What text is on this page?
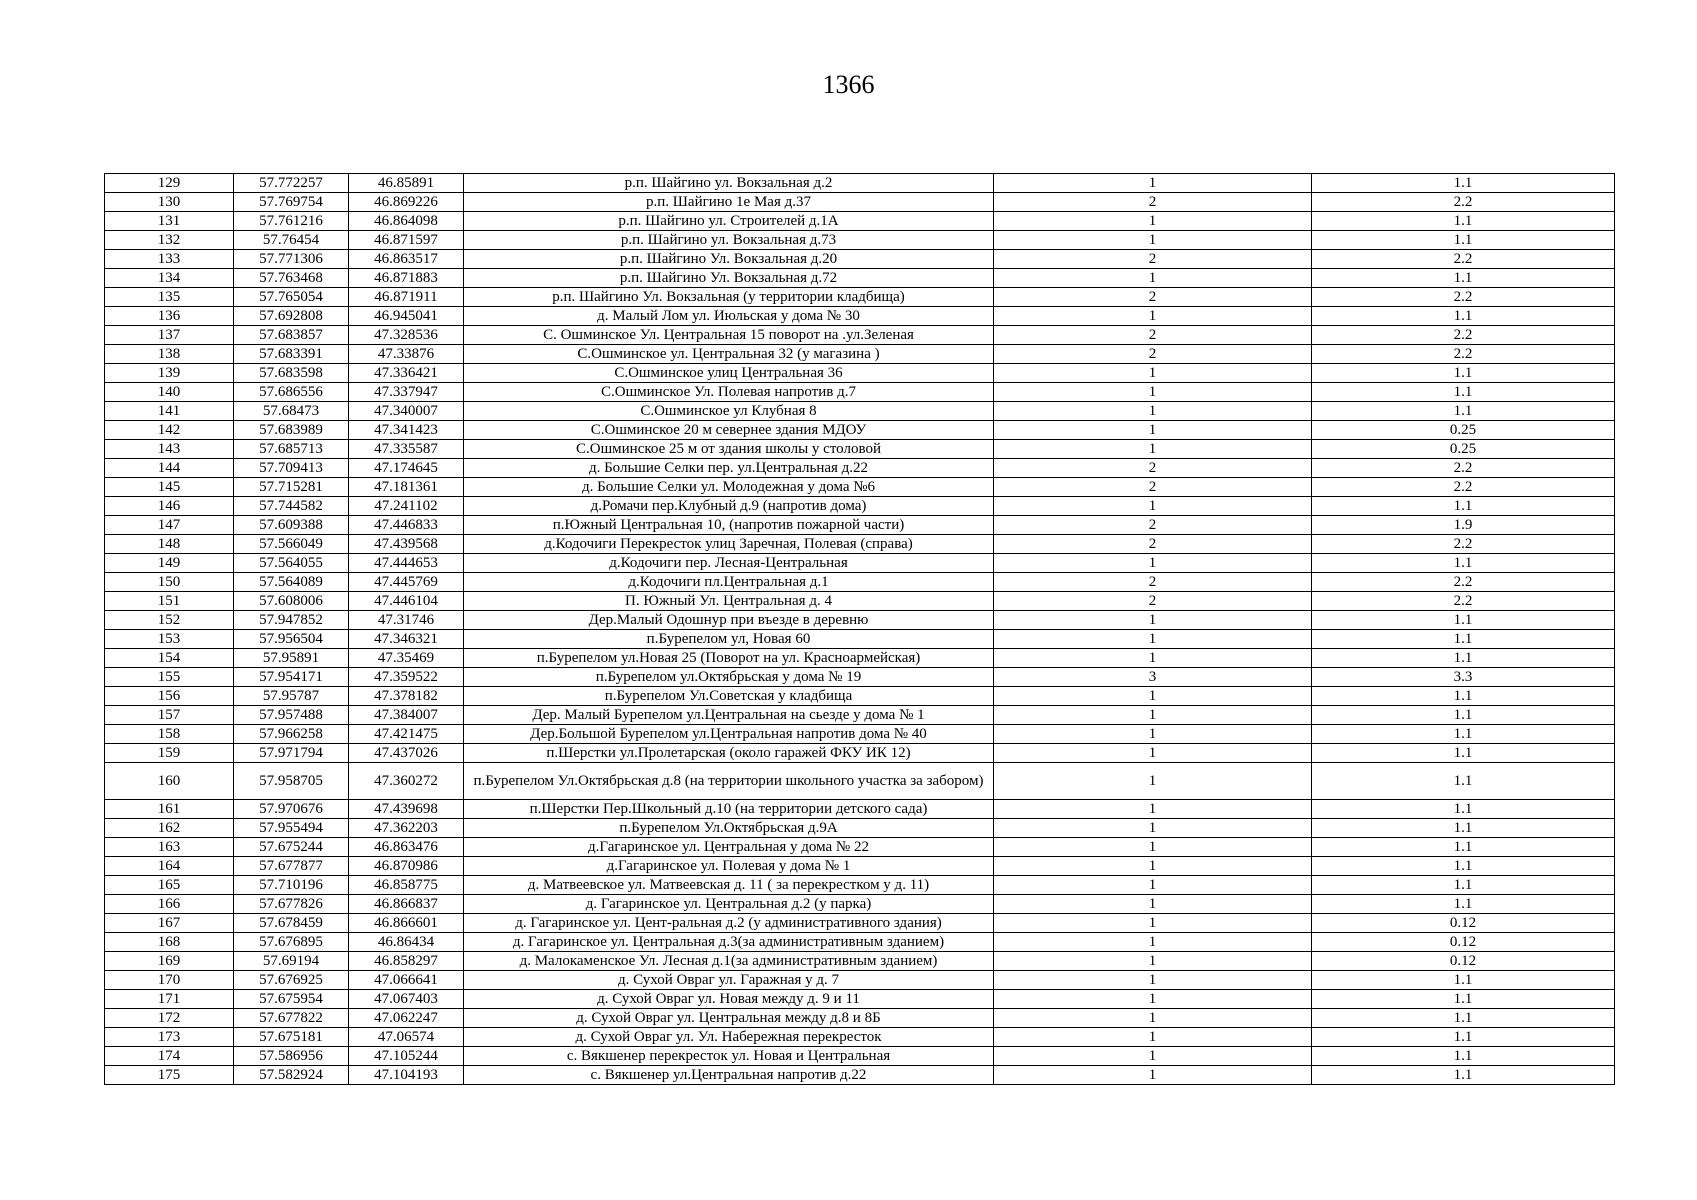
1366
129	57.772257	46.85891	р.п. Шайгино ул. Вокзальная д.2	1	1.1
130	57.769754	46.869226	р.п. Шайгино 1е Мая д.37	2	2.2
131	57.761216	46.864098	р.п. Шайгино ул. Строителей д.1А	1	1.1
132	57.76454	46.871597	р.п. Шайгино ул. Вокзальная д.73	1	1.1
133	57.771306	46.863517	р.п. Шайгино Ул. Вокзальная д.20	2	2.2
134	57.763468	46.871883	р.п. Шайгино Ул. Вокзальная д.72	1	1.1
135	57.765054	46.871911	р.п. Шайгино Ул. Вокзальная (у территории кладбища)	2	2.2
136	57.692808	46.945041	д. Малый Лом ул. Июльская у дома № 30	1	1.1
137	57.683857	47.328536	С. Ошминское Ул. Центральная 15 поворот на .ул.Зеленая	2	2.2
138	57.683391	47.33876	С.Ошминское ул. Центральная 32 (у магазина )	2	2.2
139	57.683598	47.336421	С.Ошминское улиц Центральная 36	1	1.1
140	57.686556	47.337947	С.Ошминское Ул. Полевая напротив д.7	1	1.1
141	57.68473	47.340007	С.Ошминское ул Клубная 8	1	1.1
142	57.683989	47.341423	С.Ошминское 20 м севернее здания МДОУ	1	0.25
143	57.685713	47.335587	С.Ошминское 25 м от здания школы у столовой	1	0.25
144	57.709413	47.174645	д. Большие Селки пер. ул.Центральная д.22	2	2.2
145	57.715281	47.181361	д. Большие Селки ул. Молодежная у дома №6	2	2.2
146	57.744582	47.241102	д.Ромачи пер.Клубный д.9 (напротив дома)	1	1.1
147	57.609388	47.446833	п.Южный Центральная 10, (напротив пожарной части)	2	1.9
148	57.566049	47.439568	д.Кодочиги Перекресток улиц Заречная, Полевая (справа)	2	2.2
149	57.564055	47.444653	д.Кодочиги пер. Лесная-Центральная	1	1.1
150	57.564089	47.445769	д.Кодочиги пл.Центральная д.1	2	2.2
151	57.608006	47.446104	П. Южный Ул. Центральная д. 4	2	2.2
152	57.947852	47.31746	Дер.Малый Одошнур при въезде в деревню	1	1.1
153	57.956504	47.346321	п.Бурепелом ул, Новая 60	1	1.1
154	57.95891	47.35469	п.Бурепелом ул.Новая 25 (Поворот на ул. Красноармейская)	1	1.1
155	57.954171	47.359522	п.Бурепелом ул.Октябрьская у дома № 19	3	3.3
156	57.95787	47.378182	п.Бурепелом Ул.Советская у кладбища	1	1.1
157	57.957488	47.384007	Дер. Малый Бурепелом ул.Центральная на сьезде у дома № 1	1	1.1
158	57.966258	47.421475	Дер.Большой Бурепелом ул.Центральная напротив дома № 40	1	1.1
159	57.971794	47.437026	п.Шерстки ул.Пролетарская (около гаражей ФКУ ИК 12)	1	1.1
160	57.958705	47.360272	п.Бурепелом Ул.Октябрьская д.8 (на территории школьного участка за забором)	1	1.1
161	57.970676	47.439698	п.Шерстки Пер.Школьный д.10 (на территории детского сада)	1	1.1
162	57.955494	47.362203	п.Бурепелом Ул.Октябрьская д.9А	1	1.1
163	57.675244	46.863476	д.Гагаринское ул. Центральная у дома № 22	1	1.1
164	57.677877	46.870986	д.Гагаринское ул. Полевая у дома № 1	1	1.1
165	57.710196	46.858775	д. Матвеевское ул. Матвеевская д. 11 ( за перекрестком у д. 11)	1	1.1
166	57.677826	46.866837	д. Гагаринское ул. Центральная д.2 (у парка)	1	1.1
167	57.678459	46.866601	д. Гагаринское ул. Цент-ральная д.2 (у административного здания)	1	0.12
168	57.676895	46.86434	д. Гагаринское ул. Центральная д.3(за административным зданием)	1	0.12
169	57.69194	46.858297	д. Малокаменское Ул. Лесная д.1(за административным зданием)	1	0.12
170	57.676925	47.066641	д. Сухой Овраг ул. Гаражная у д. 7	1	1.1
171	57.675954	47.067403	д. Сухой Овраг ул. Новая между д. 9 и 11	1	1.1
172	57.677822	47.062247	д. Сухой Овраг ул. Центральная между д.8 и 8Б	1	1.1
173	57.675181	47.06574	д. Сухой Овраг ул. Ул. Набережная перекресток	1	1.1
174	57.586956	47.105244	с. Вякшенер перекресток ул. Новая и Центральная	1	1.1
175	57.582924	47.104193	с. Вякшенер ул.Центральная напротив д.22	1	1.1
